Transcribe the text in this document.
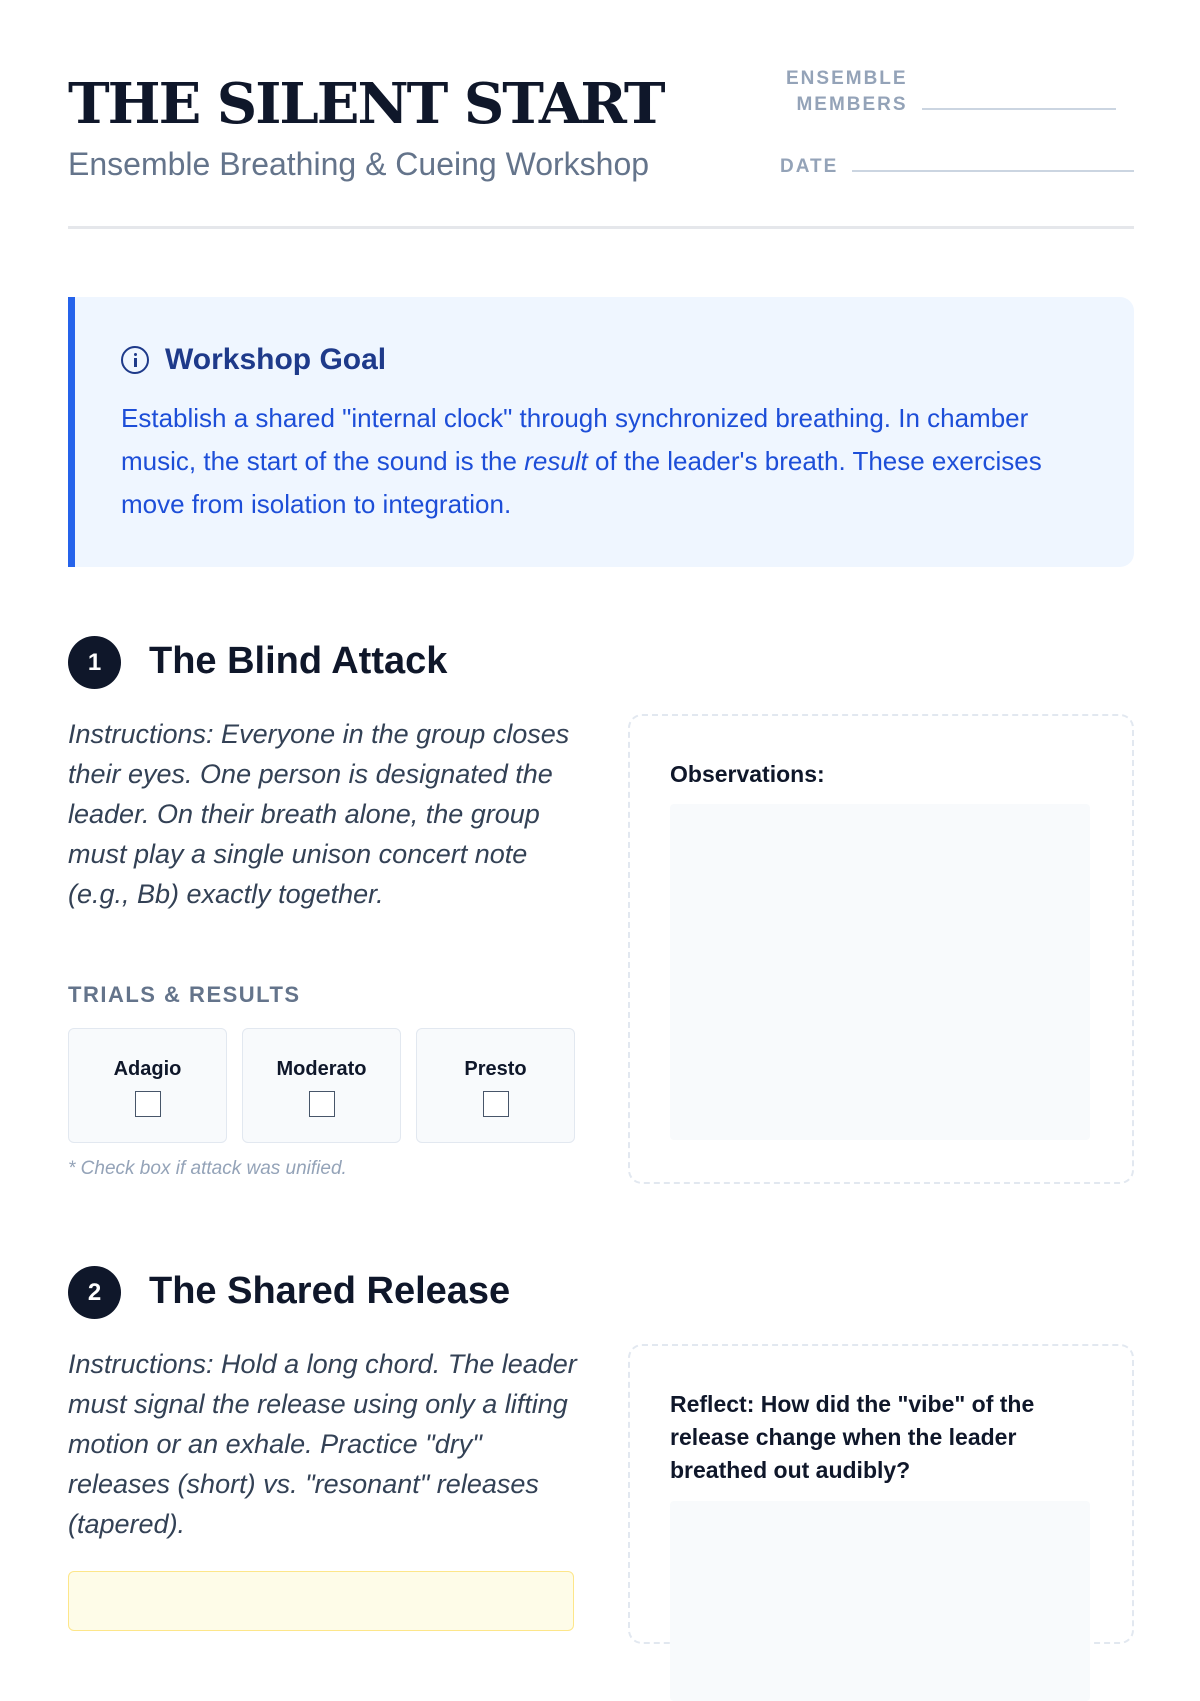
THE SILENT START

Ensemble Breathing & Cueing Workshop

ENSEMBLE
MEMBERS
DATE
Workshop Goal

Establish a shared "internal clock" through synchronized breathing. In chamber music, the start of the sound is the result of the leader's breath. These exercises move from isolation to integration.

1	The Blind Attack

Instructions: Everyone in the group closes their eyes. One person is designated the leader. On their breath alone, the group must play a single unison concert note (e.g., Bb) exactly together.

TRIALS & RESULTS
Adagio	Moderato	Presto
* Check box if attack was unified.

Observations:

2	The Shared Release

Instructions: Hold a long chord. The leader must signal the release using only a lifting motion or an exhale. Practice "dry" releases (short) vs. "resonant" releases (tapered).

Reflect: How did the "vibe" of the release change when the leader breathed out audibly?
